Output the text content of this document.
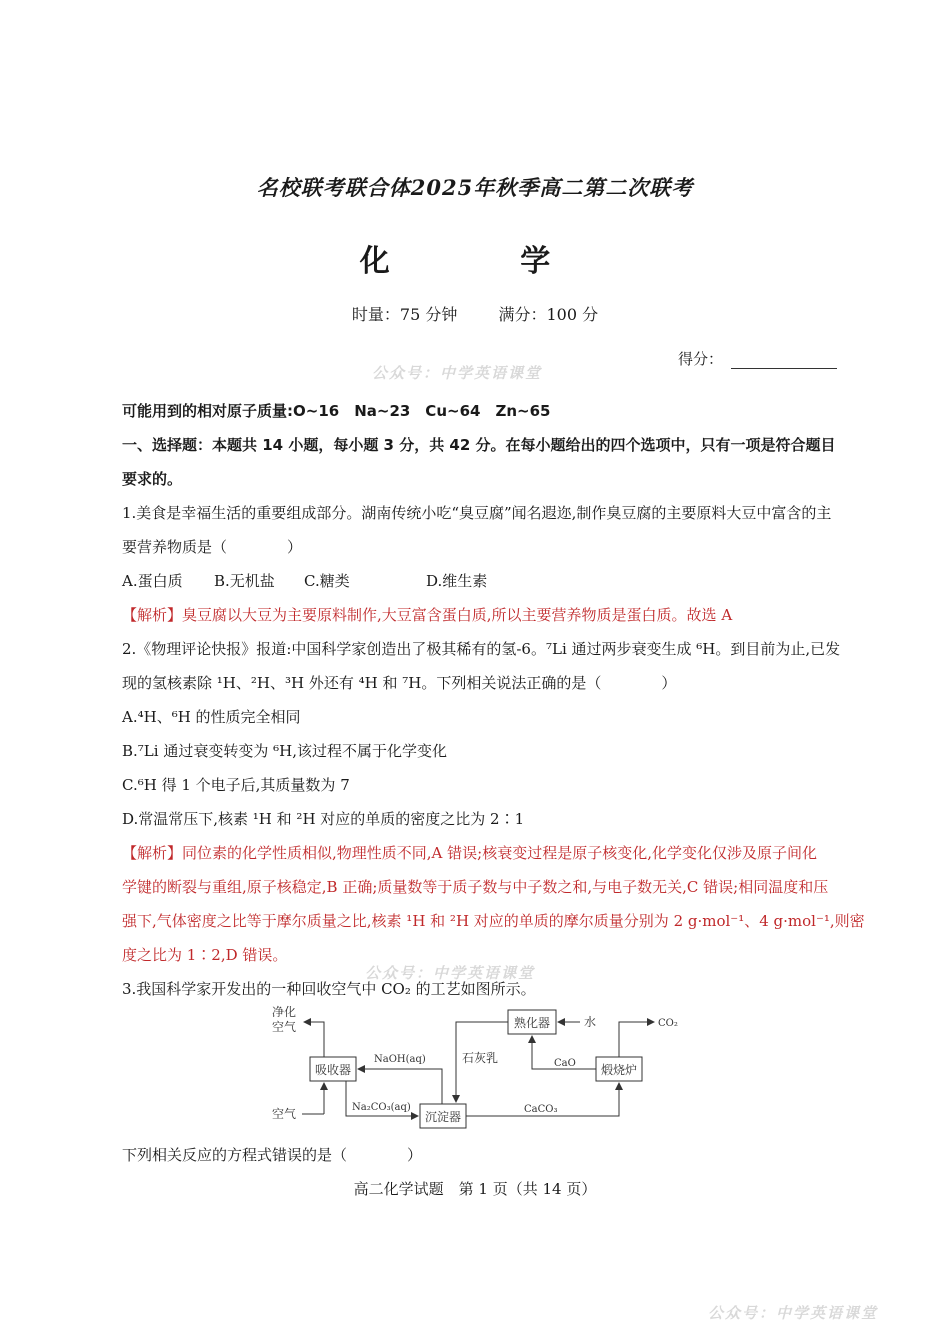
名校联考联合体2025年秋季高二第二次联考
化 学
时量：75 分钟	满分：100 分
得分：
公众号：中学英语课堂
公众号：中学英语课堂
公众号：中学英语课堂
可能用到的相对原子质量:O~16　Na~23　Cu~64　Zn~65
一、选择题：本题共 14 小题，每小题 3 分，共 42 分。在每小题给出的四个选项中，只有一项是符合题目
要求的。
1.美食是幸福生活的重要组成部分。湖南传统小吃“臭豆腐”闻名遐迩,制作臭豆腐的主要原料大豆中富含的主
要营养物质是（　　　　）
A.蛋白质 B.无机盐 C.糖类	D.维生素
【解析】臭豆腐以大豆为主要原料制作,大豆富含蛋白质,所以主要营养物质是蛋白质。故选 A
2.《物理评论快报》报道:中国科学家创造出了极其稀有的氢-6。⁷Li 通过两步衰变生成 ⁶H。到目前为止,已发
现的氢核素除 ¹H、²H、³H 外还有 ⁴H 和 ⁷H。下列相关说法正确的是（　　　　）
A.⁴H、⁶H 的性质完全相同
B.⁷Li 通过衰变转变为 ⁶H,该过程不属于化学变化
C.⁶H 得 1 个电子后,其质量数为 7
D.常温常压下,核素 ¹H 和 ²H 对应的单质的密度之比为 2∶1
【解析】同位素的化学性质相似,物理性质不同,A 错误;核衰变过程是原子核变化,化学变化仅涉及原子间化
学键的断裂与重组,原子核稳定,B 正确;质量数等于质子数与中子数之和,与电子数无关,C 错误;相同温度和压
强下,气体密度之比等于摩尔质量之比,核素 ¹H 和 ²H 对应的单质的摩尔质量分别为 2 g·mol⁻¹、4 g·mol⁻¹,则密
度之比为 1∶2,D 错误。
3.我国科学家开发出的一种回收空气中 CO₂ 的工艺如图所示。
吸收器
沉淀器
熟化器
煅烧炉
净化
空气
空气
NaOH(aq)
Na₂CO₃(aq)
石灰乳
水
CaO
CaCO₃
CO₂
下列相关反应的方程式错误的是（　　　　）
高二化学试题　第 1 页（共 14 页）
